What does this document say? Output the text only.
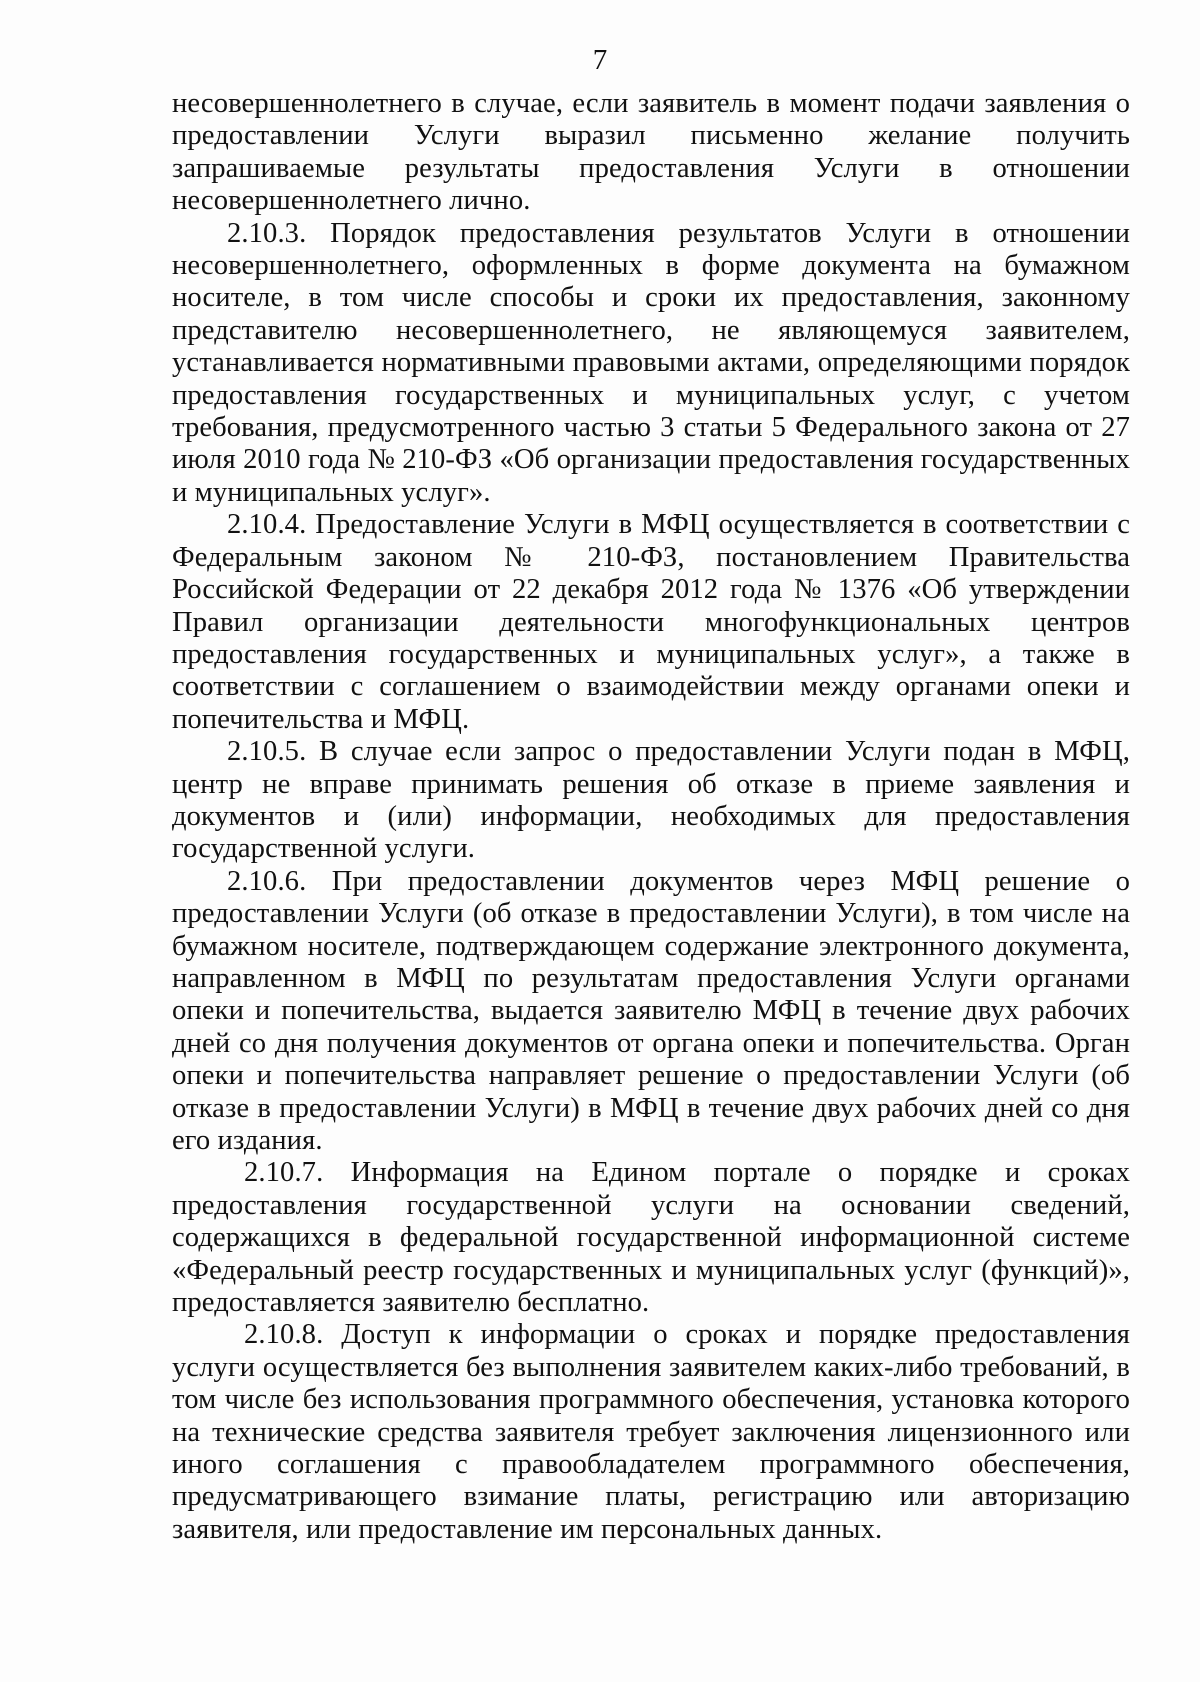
7

несовершеннолетнего в случае, если заявитель в момент подачи заявления о предоставлении Услуги выразил письменно желание получить запрашиваемые результаты предоставления Услуги в отношении несовершеннолетнего лично.

2.10.3. Порядок предоставления результатов Услуги в отношении несовершеннолетнего, оформленных в форме документа на бумажном носителе, в том числе способы и сроки их предоставления, законному представителю несовершеннолетнего, не являющемуся заявителем, устанавливается нормативными правовыми актами, определяющими порядок предоставления государственных и муниципальных услуг, с учетом требования, предусмотренного частью 3 статьи 5 Федерального закона от 27 июля 2010 года № 210-ФЗ «Об организации предоставления государственных и муниципальных услуг».

2.10.4. Предоставление Услуги в МФЦ осуществляется в соответствии с Федеральным законом № 210-ФЗ, постановлением Правительства Российской Федерации от 22 декабря 2012 года № 1376 «Об утверждении Правил организации деятельности многофункциональных центров предоставления государственных и муниципальных услуг», а также в соответствии с соглашением о взаимодействии между органами опеки и попечительства и МФЦ.

2.10.5. В случае если запрос о предоставлении Услуги подан в МФЦ, центр не вправе принимать решения об отказе в приеме заявления и документов и (или) информации, необходимых для предоставления государственной услуги.

2.10.6. При предоставлении документов через МФЦ решение о предоставлении Услуги (об отказе в предоставлении Услуги), в том числе на бумажном носителе, подтверждающем содержание электронного документа, направленном в МФЦ по результатам предоставления Услуги органами опеки и попечительства, выдается заявителю МФЦ в течение двух рабочих дней со дня получения документов от органа опеки и попечительства. Орган опеки и попечительства направляет решение о предоставлении Услуги (об отказе в предоставлении Услуги) в МФЦ в течение двух рабочих дней со дня его издания.

2.10.7. Информация на Едином портале о порядке и сроках предоставления государственной услуги на основании сведений, содержащихся в федеральной государственной информационной системе «Федеральный реестр государственных и муниципальных услуг (функций)», предоставляется заявителю бесплатно.

2.10.8. Доступ к информации о сроках и порядке предоставления услуги осуществляется без выполнения заявителем каких-либо требований, в том числе без использования программного обеспечения, установка которого на технические средства заявителя требует заключения лицензионного или иного соглашения с правообладателем программного обеспечения, предусматривающего взимание платы, регистрацию или авторизацию заявителя, или предоставление им персональных данных.
